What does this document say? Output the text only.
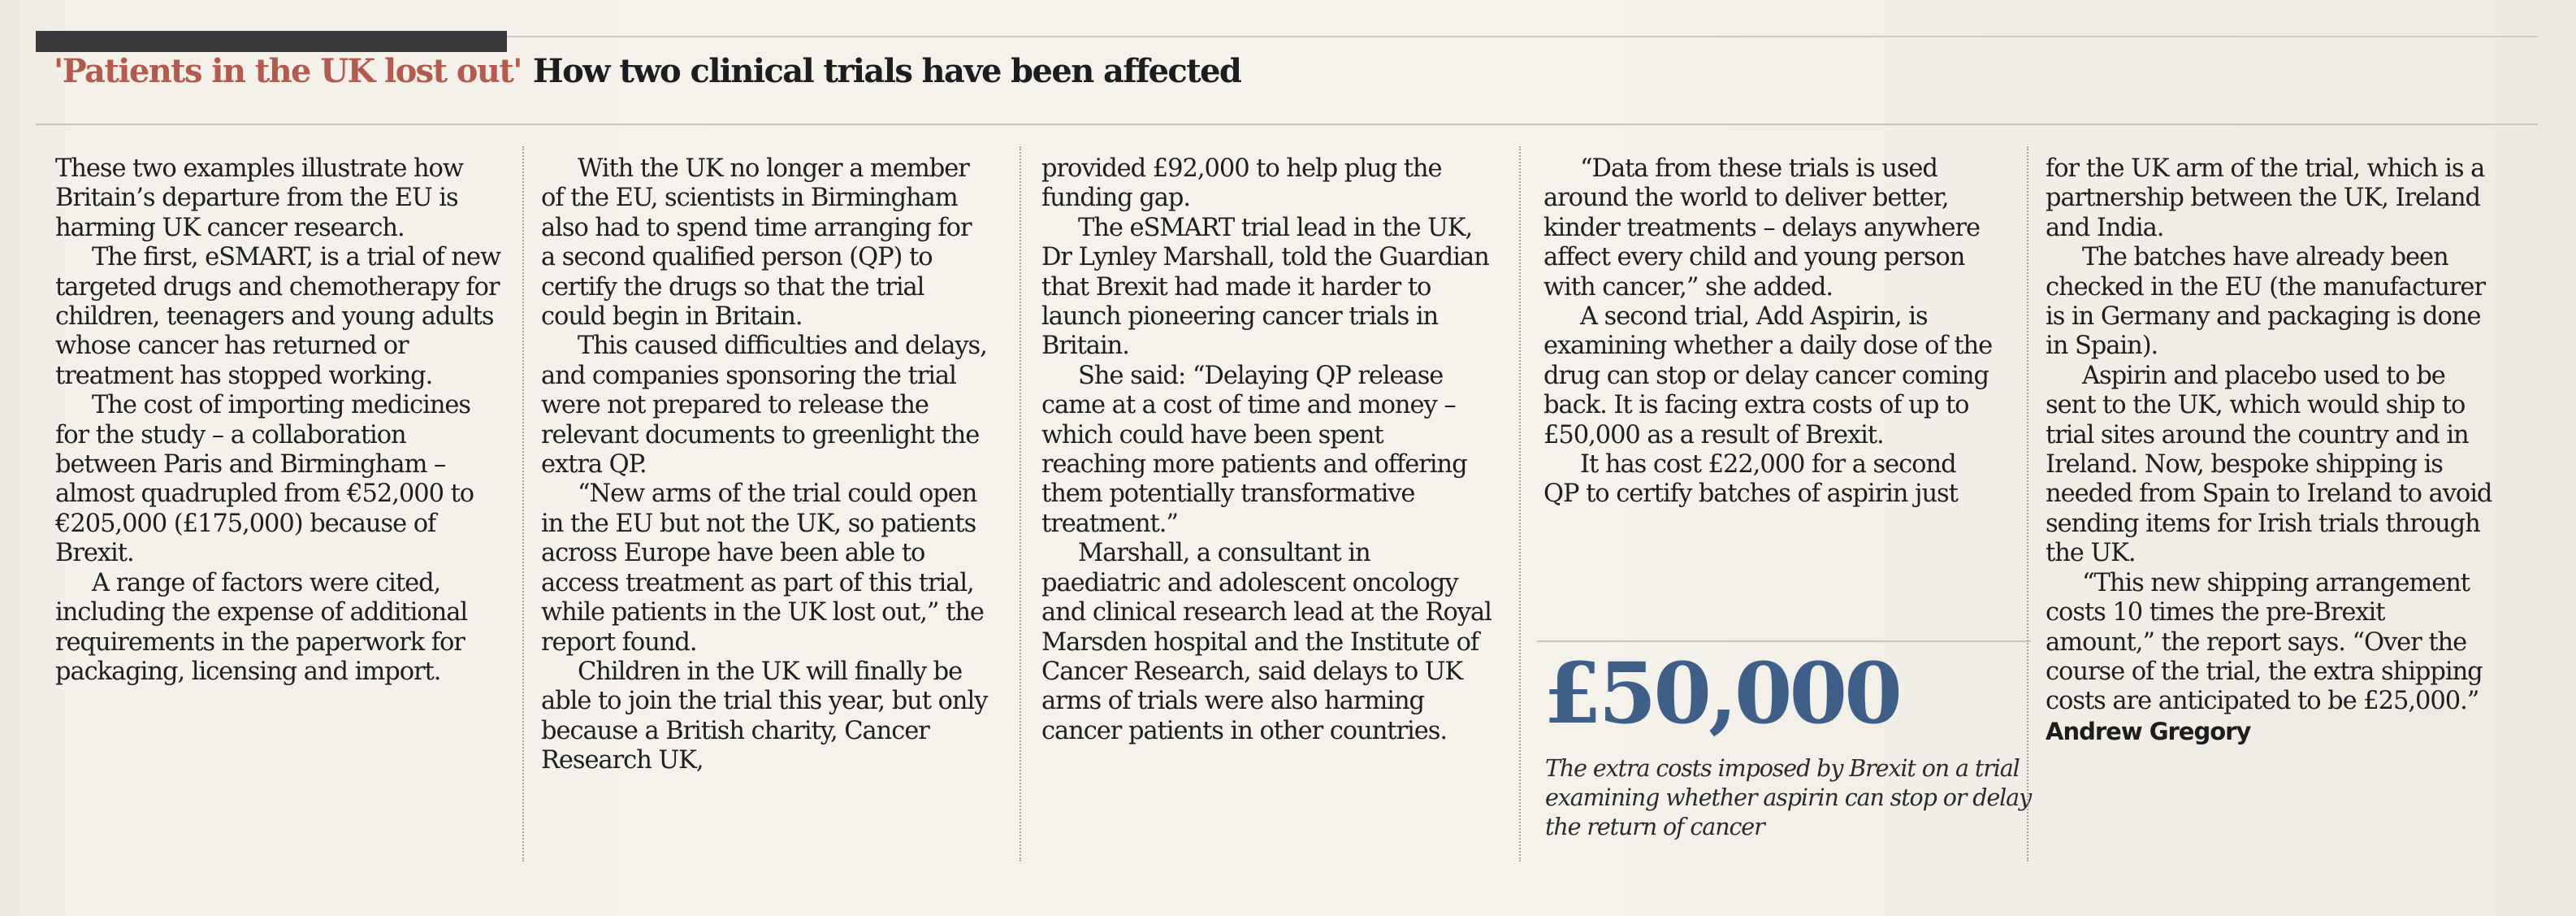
'Patients in the UK lost out' How two clinical trials have been affected

These two examples illustrate how Britain’s departure from the EU is harming UK cancer research.

The first, eSMART, is a trial of new targeted drugs and chemotherapy for children, teenagers and young adults whose cancer has returned or treatment has stopped working.

The cost of importing medicines for the study – a collaboration between Paris and Birmingham – almost quadrupled from €52,000 to €205,000 (£175,000) because of Brexit.

A range of factors were cited, including the expense of additional requirements in the paperwork for packaging, licensing and import.

With the UK no longer a member of the EU, scientists in Birmingham also had to spend time arranging for a second qualified person (QP) to certify the drugs so that the trial could begin in Britain.

This caused difficulties and delays, and companies sponsoring the trial were not prepared to release the relevant documents to greenlight the extra QP.

“New arms of the trial could open in the EU but not the UK, so patients across Europe have been able to access treatment as part of this trial, while patients in the UK lost out,” the report found.

Children in the UK will finally be able to join the trial this year, but only because a British charity, Cancer Research UK,

provided £92,000 to help plug the funding gap.

The eSMART trial lead in the UK, Dr Lynley Marshall, told the Guardian that Brexit had made it harder to launch pioneering cancer trials in Britain.

She said: “Delaying QP release came at a cost of time and money – which could have been spent reaching more patients and offering them potentially transformative treatment.”

Marshall, a consultant in paediatric and adolescent oncology and clinical research lead at the Royal Marsden hospital and the Institute of Cancer Research, said delays to UK arms of trials were also harming cancer patients in other countries.

“Data from these trials is used around the world to deliver better, kinder treatments – delays anywhere affect every child and young person with cancer,” she added.

A second trial, Add Aspirin, is examining whether a daily dose of the drug can stop or delay cancer coming back. It is facing extra costs of up to £50,000 as a result of Brexit.

It has cost £22,000 for a second QP to certify batches of aspirin just

£50,000
The extra costs imposed by Brexit on a trial examining whether aspirin can stop or delay the return of cancer

for the UK arm of the trial, which is a partnership between the UK, Ireland and India.

The batches have already been checked in the EU (the manufacturer is in Germany and packaging is done in Spain).

Aspirin and placebo used to be sent to the UK, which would ship to trial sites around the country and in Ireland. Now, bespoke shipping is needed from Spain to Ireland to avoid sending items for Irish trials through the UK.

“This new shipping arrangement costs 10 times the pre-Brexit amount,” the report says. “Over the course of the trial, the extra shipping costs are anticipated to be £25,000.”

Andrew Gregory
